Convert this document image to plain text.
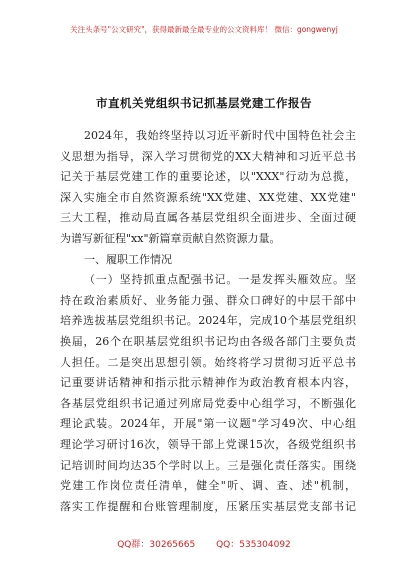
关注头条号"公文研究"，获得最新最全最专业的公文资料库！ 微信：gongwenyj
市直机关党组织书记抓基层党建工作报告
2024年，我始终坚持以习近平新时代中国特色社会主
义思想为指导，深入学习贯彻党的XX大精神和习近平总书
记关于基层党建工作的重要论述，以"XXX"行动为总揽，
深入实施全市自然资源系统"XX党建、XX党建、XX党建"
三大工程，推动局直属各基层党组织全面进步、全面过硬
为谱写新征程"xx"新篇章贡献自然资源力量。
一、履职工作情况
（一）坚持抓重点配强书记。一是发挥头雁效应。坚
持在政治素质好、业务能力强、群众口碑好的中层干部中
培养选拔基层党组织书记。2024年，完成10个基层党组织
换届，26个在职基层党组织书记均由各级各部门主要负责
人担任。二是突出思想引领。始终将学习贯彻习近平总书
记重要讲话精神和指示批示精神作为政治教育根本内容，
各基层党组织书记通过列席局党委中心组学习，不断强化
理论武装。2024年，开展"第一议题"学习49次、中心组
理论学习研讨16次，领导干部上党课15次，各级党组织书
记培训时间均达35个学时以上。三是强化责任落实。围绕
党建工作岗位责任清单，健全"听、调、查、述"机制，
落实工作提醒和台账管理制度，压紧压实基层党支部书记
QQ群：30265665 QQ：535304092
